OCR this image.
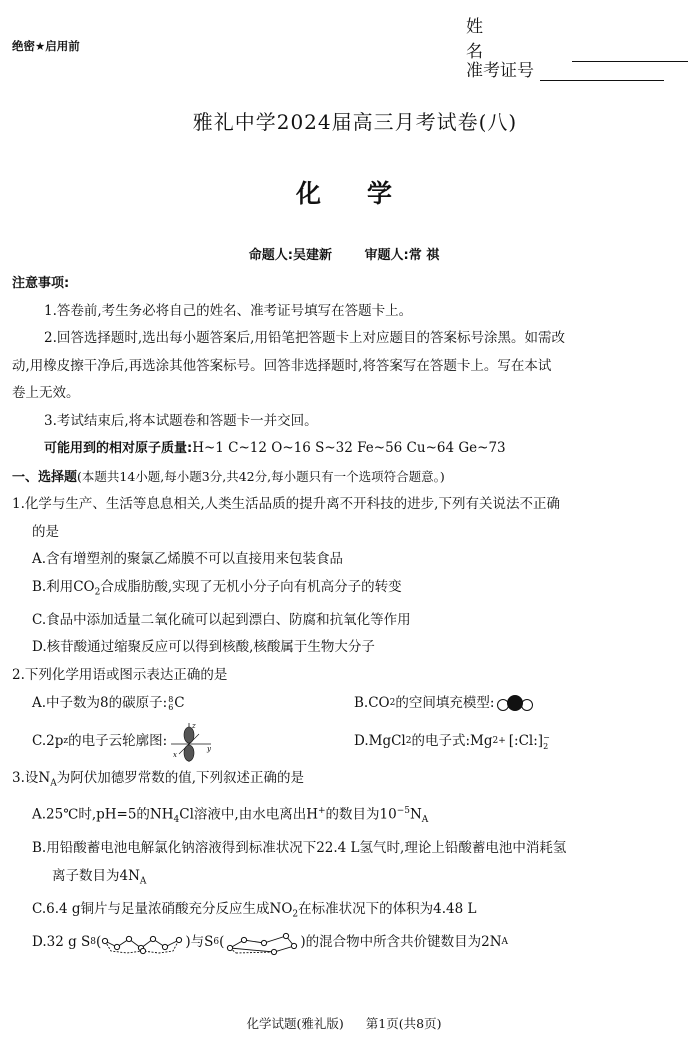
绝密★启用前
姓 名
准考证号
雅礼中学2024届高三月考试卷(八)
化学
命题人:吴建新	审题人:常 祺

注意事项:

1.答卷前,考生务必将自己的姓名、准考证号填写在答题卡上。

2.回答选择题时,选出每小题答案后,用铅笔把答题卡上对应题目的答案标号涂黑。如需改

动,用橡皮擦干净后,再选涂其他答案标号。回答非选择题时,将答案写在答题卡上。写在本试

卷上无效。

3.考试结束后,将本试题卷和答题卡一并交回。

可能用到的相对原子质量:H~1 C~12 O~16 S~32 Fe~56 Cu~64 Ge~73

一、选择题(本题共14小题,每小题3分,共42分,每小题只有一个选项符合题意。)

1.化学与生产、生活等息息相关,人类生活品质的提升离不开科技的进步,下列有关说法不正确

的是

A.含有增塑剂的聚氯乙烯膜不可以直接用来包装食品

B.利用$CO_2$合成脂肪酸,实现了无机小分子向有机高分子的转变

C.食品中添加适量二氧化硫可以起到漂白、防腐和抗氧化等作用

D.核苷酸通过缩聚反应可以得到核酸,核酸属于生物大分子

2.下列化学用语或图示表达正确的是

A.中子数为8的碳原子: 8
6 C	B.CO 2 的空间填充模型:
C.2p z 的电子云轮廓图:
z
x
y	D.MgCl 2 的电子式:Mg 2+ [:Cl:] −
2

3.设$N_A$为阿伏加德罗常数的值,下列叙述正确的是

A.25℃时,pH=5的$NH_4Cl$溶液中,由水电离出H+的数目为$10^{-5}N_A$

B.用铅酸蓄电池电解氯化钠溶液得到标准状况下22.4 L氢气时,理论上铅酸蓄电池中消耗氢

离子数目为$4N_A$

C.6.4 g铜片与足量浓硝酸充分反应生成$NO_2$在标准状况下的体积为4.48 L

D.32 g S 8 (	)与S 6 (	)的混合物中所含共价键数目为2N A

化学试题(雅礼版) 第1页(共8页)
